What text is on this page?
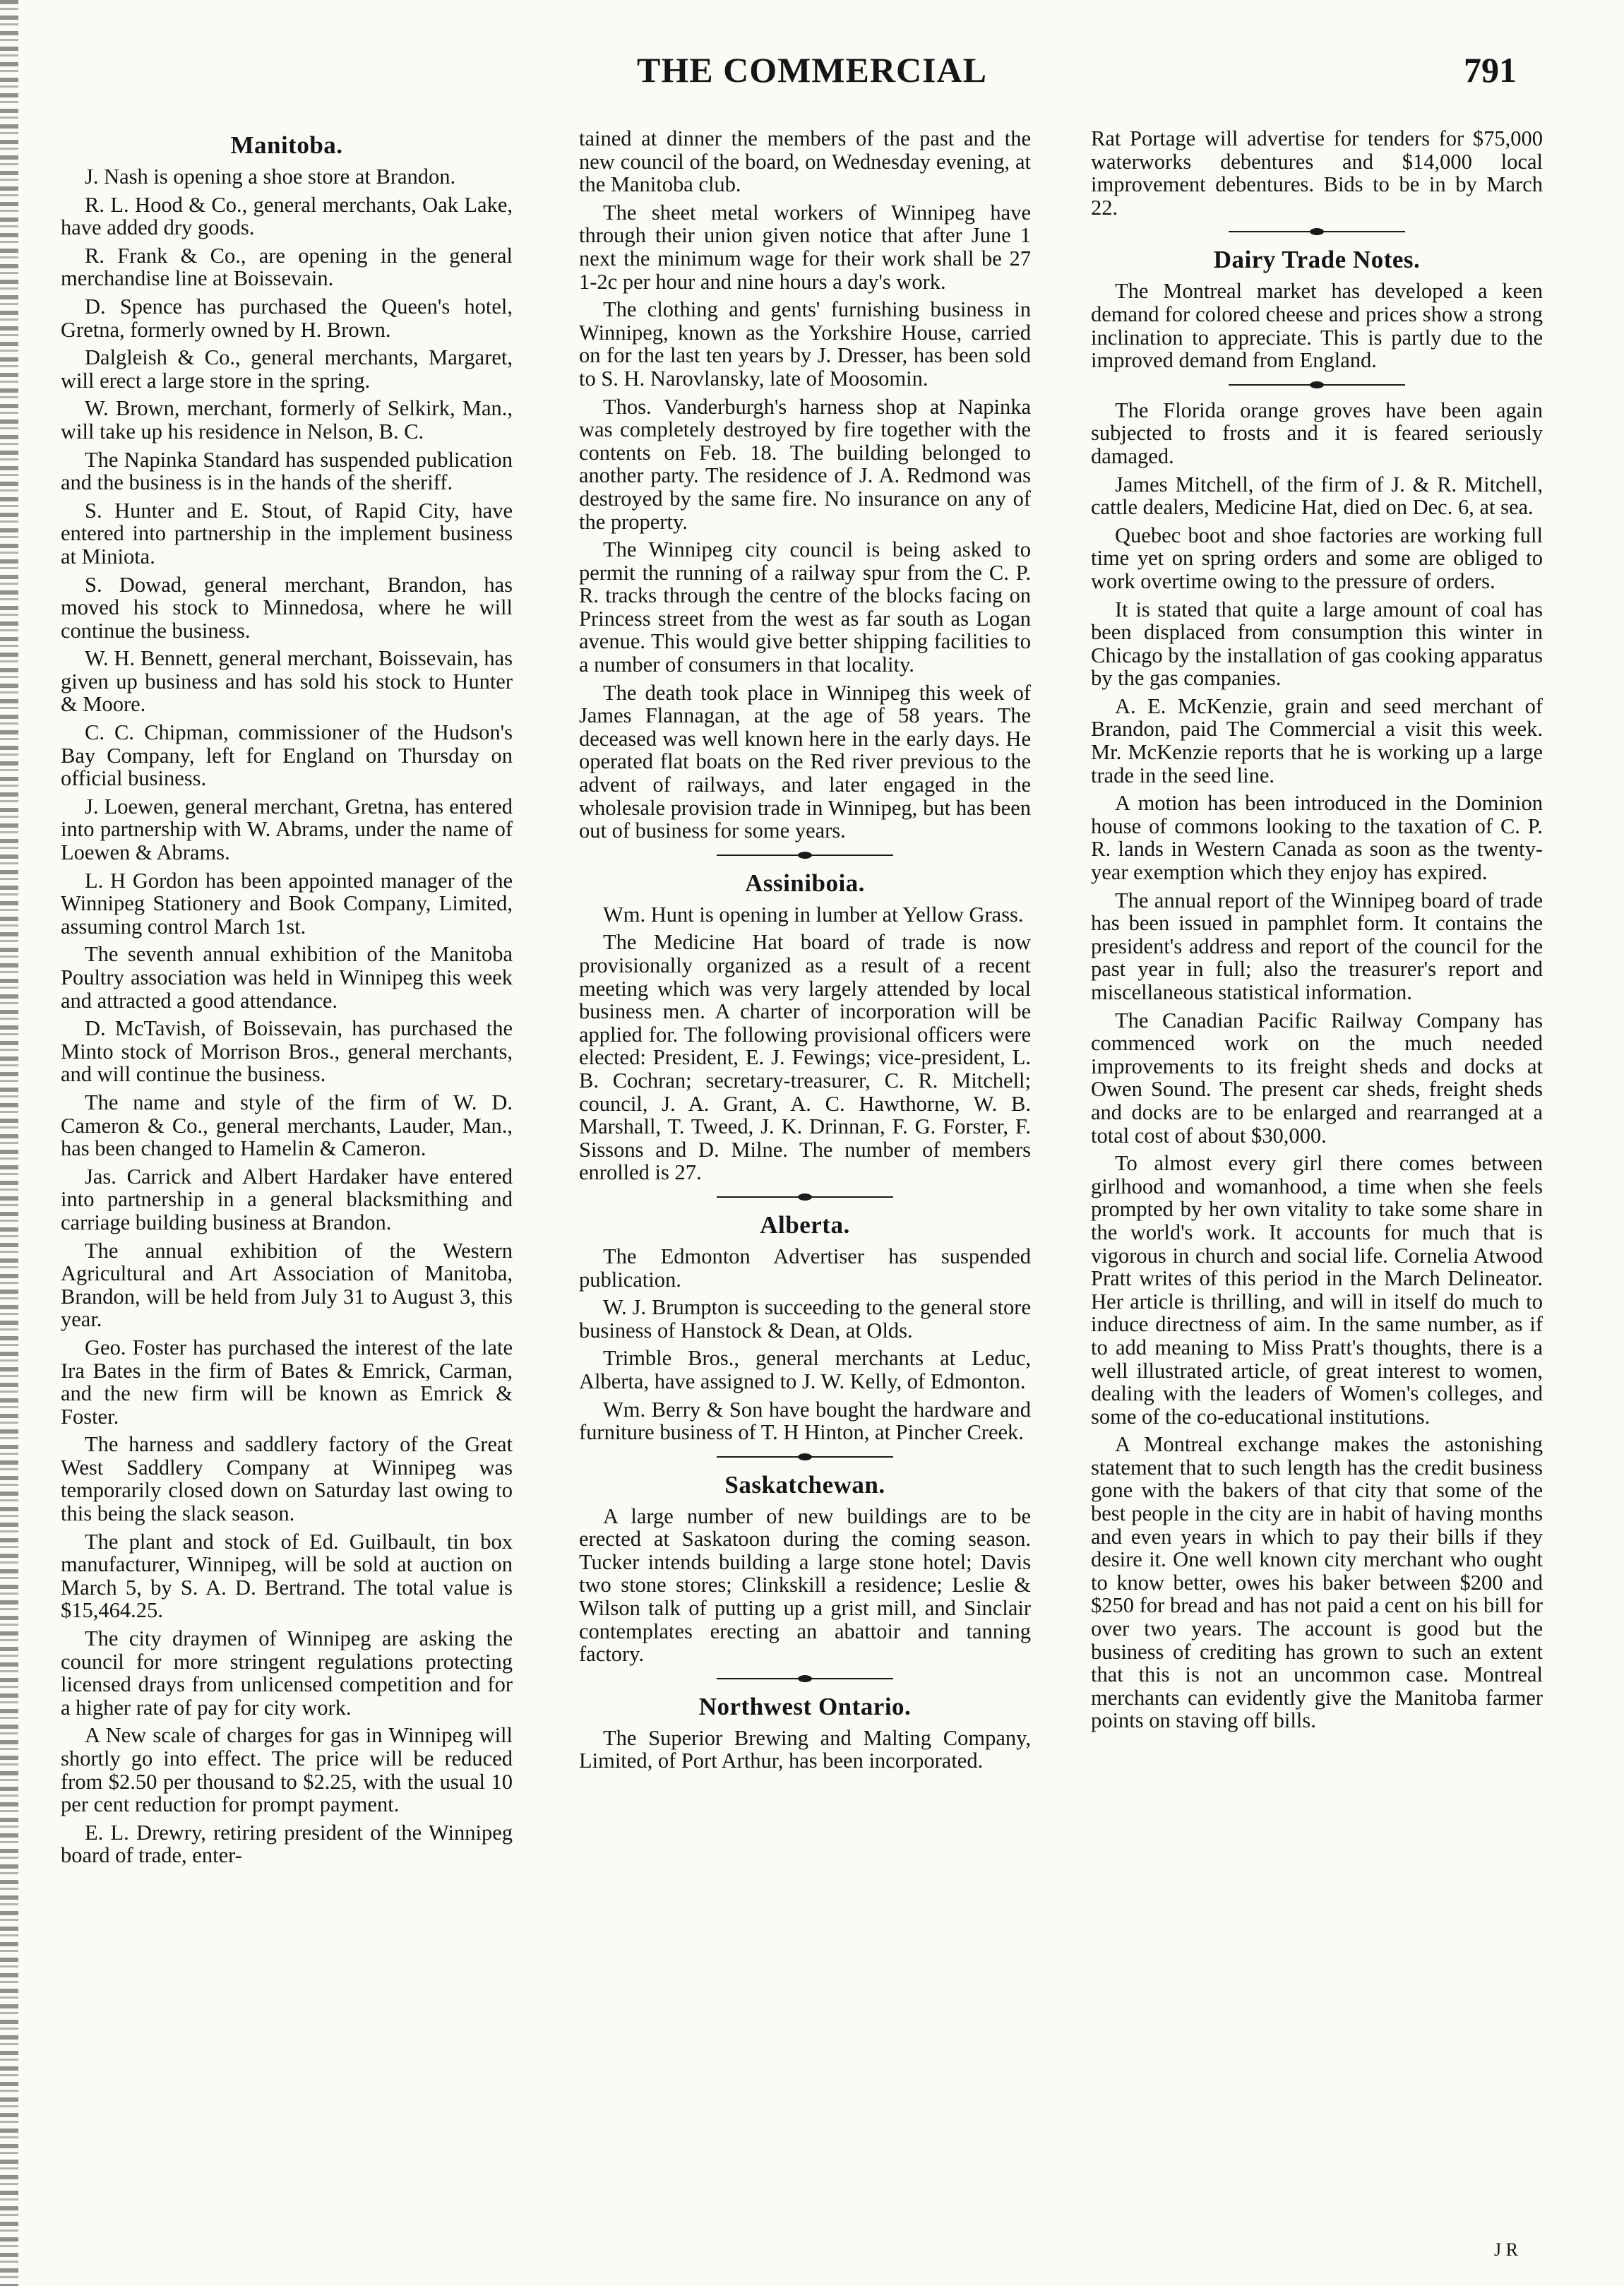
THE COMMERCIAL	791
Manitoba.

J. Nash is opening a shoe store at Brandon.

R. L. Hood & Co., general merchants, Oak Lake, have added dry goods.

R. Frank & Co., are opening in the general merchandise line at Boissevain.

D. Spence has purchased the Queen's hotel, Gretna, formerly owned by H. Brown.

Dalgleish & Co., general merchants, Margaret, will erect a large store in the spring.

W. Brown, merchant, formerly of Selkirk, Man., will take up his residence in Nelson, B. C.

The Napinka Standard has suspended publication and the business is in the hands of the sheriff.

S. Hunter and E. Stout, of Rapid City, have entered into partnership in the implement business at Miniota.

S. Dowad, general merchant, Brandon, has moved his stock to Minnedosa, where he will continue the business.

W. H. Bennett, general merchant, Boissevain, has given up business and has sold his stock to Hunter & Moore.

C. C. Chipman, commissioner of the Hudson's Bay Company, left for England on Thursday on official business.

J. Loewen, general merchant, Gretna, has entered into partnership with W. Abrams, under the name of Loewen & Abrams.

L. H Gordon has been appointed manager of the Winnipeg Stationery and Book Company, Limited, assuming control March 1st.

The seventh annual exhibition of the Manitoba Poultry association was held in Winnipeg this week and attracted a good attendance.

D. McTavish, of Boissevain, has purchased the Minto stock of Morrison Bros., general merchants, and will continue the business.

The name and style of the firm of W. D. Cameron & Co., general merchants, Lauder, Man., has been changed to Hamelin & Cameron.

Jas. Carrick and Albert Hardaker have entered into partnership in a general blacksmithing and carriage building business at Brandon.

The annual exhibition of the Western Agricultural and Art Association of Manitoba, Brandon, will be held from July 31 to August 3, this year.

Geo. Foster has purchased the interest of the late Ira Bates in the firm of Bates & Emrick, Carman, and the new firm will be known as Emrick & Foster.

The harness and saddlery factory of the Great West Saddlery Company at Winnipeg was temporarily closed down on Saturday last owing to this being the slack season.

The plant and stock of Ed. Guilbault, tin box manufacturer, Winnipeg, will be sold at auction on March 5, by S. A. D. Bertrand. The total value is $15,464.25.

The city draymen of Winnipeg are asking the council for more stringent regulations protecting licensed drays from unlicensed competition and for a higher rate of pay for city work.

A New scale of charges for gas in Winnipeg will shortly go into effect. The price will be reduced from $2.50 per thousand to $2.25, with the usual 10 per cent reduction for prompt payment.

E. L. Drewry, retiring president of the Winnipeg board of trade, enter-

tained at dinner the members of the past and the new council of the board, on Wednesday evening, at the Manitoba club.

The sheet metal workers of Winnipeg have through their union given notice that after June 1 next the minimum wage for their work shall be 27 1-2c per hour and nine hours a day's work.

The clothing and gents' furnishing business in Winnipeg, known as the Yorkshire House, carried on for the last ten years by J. Dresser, has been sold to S. H. Narovlansky, late of Moosomin.

Thos. Vanderburgh's harness shop at Napinka was completely destroyed by fire together with the contents on Feb. 18. The building belonged to another party. The residence of J. A. Redmond was destroyed by the same fire. No insurance on any of the property.

The Winnipeg city council is being asked to permit the running of a railway spur from the C. P. R. tracks through the centre of the blocks facing on Princess street from the west as far south as Logan avenue. This would give better shipping facilities to a number of consumers in that locality.

The death took place in Winnipeg this week of James Flannagan, at the age of 58 years. The deceased was well known here in the early days. He operated flat boats on the Red river previous to the advent of railways, and later engaged in the wholesale provision trade in Winnipeg, but has been out of business for some years.

Assiniboia.

Wm. Hunt is opening in lumber at Yellow Grass.

The Medicine Hat board of trade is now provisionally organized as a result of a recent meeting which was very largely attended by local business men. A charter of incorporation will be applied for. The following provisional officers were elected: President, E. J. Fewings; vice-president, L. B. Cochran; secretary-treasurer, C. R. Mitchell; council, J. A. Grant, A. C. Hawthorne, W. B. Marshall, T. Tweed, J. K. Drinnan, F. G. Forster, F. Sissons and D. Milne. The number of members enrolled is 27.

Alberta.

The Edmonton Advertiser has suspended publication.

W. J. Brumpton is succeeding to the general store business of Hanstock & Dean, at Olds.

Trimble Bros., general merchants at Leduc, Alberta, have assigned to J. W. Kelly, of Edmonton.

Wm. Berry & Son have bought the hardware and furniture business of T. H Hinton, at Pincher Creek.

Saskatchewan.

A large number of new buildings are to be erected at Saskatoon during the coming season. Tucker intends building a large stone hotel; Davis two stone stores; Clinkskill a residence; Leslie & Wilson talk of putting up a grist mill, and Sinclair contemplates erecting an abattoir and tanning factory.

Northwest Ontario.

The Superior Brewing and Malting Company, Limited, of Port Arthur, has been incorporated.

Rat Portage will advertise for tenders for $75,000 waterworks debentures and $14,000 local improvement debentures. Bids to be in by March 22.

Dairy Trade Notes.

The Montreal market has developed a keen demand for colored cheese and prices show a strong inclination to appreciate. This is partly due to the improved demand from England.

The Florida orange groves have been again subjected to frosts and it is feared seriously damaged.

James Mitchell, of the firm of J. & R. Mitchell, cattle dealers, Medicine Hat, died on Dec. 6, at sea.

Quebec boot and shoe factories are working full time yet on spring orders and some are obliged to work overtime owing to the pressure of orders.

It is stated that quite a large amount of coal has been displaced from consumption this winter in Chicago by the installation of gas cooking apparatus by the gas companies.

A. E. McKenzie, grain and seed merchant of Brandon, paid The Commercial a visit this week. Mr. McKenzie reports that he is working up a large trade in the seed line.

A motion has been introduced in the Dominion house of commons looking to the taxation of C. P. R. lands in Western Canada as soon as the twenty-year exemption which they enjoy has expired.

The annual report of the Winnipeg board of trade has been issued in pamphlet form. It contains the president's address and report of the council for the past year in full; also the treasurer's report and miscellaneous statistical information.

The Canadian Pacific Railway Company has commenced work on the much needed improvements to its freight sheds and docks at Owen Sound. The present car sheds, freight sheds and docks are to be enlarged and rearranged at a total cost of about $30,000.

To almost every girl there comes between girlhood and womanhood, a time when she feels prompted by her own vitality to take some share in the world's work. It accounts for much that is vigorous in church and social life. Cornelia Atwood Pratt writes of this period in the March Delineator. Her article is thrilling, and will in itself do much to induce directness of aim. In the same number, as if to add meaning to Miss Pratt's thoughts, there is a well illustrated article, of great interest to women, dealing with the leaders of Women's colleges, and some of the co-educational institutions.

A Montreal exchange makes the astonishing statement that to such length has the credit business gone with the bakers of that city that some of the best people in the city are in habit of having months and even years in which to pay their bills if they desire it. One well known city merchant who ought to know better, owes his baker between $200 and $250 for bread and has not paid a cent on his bill for over two years. The account is good but the business of crediting has grown to such an extent that this is not an uncommon case. Montreal merchants can evidently give the Manitoba farmer points on staving off bills.

J R
